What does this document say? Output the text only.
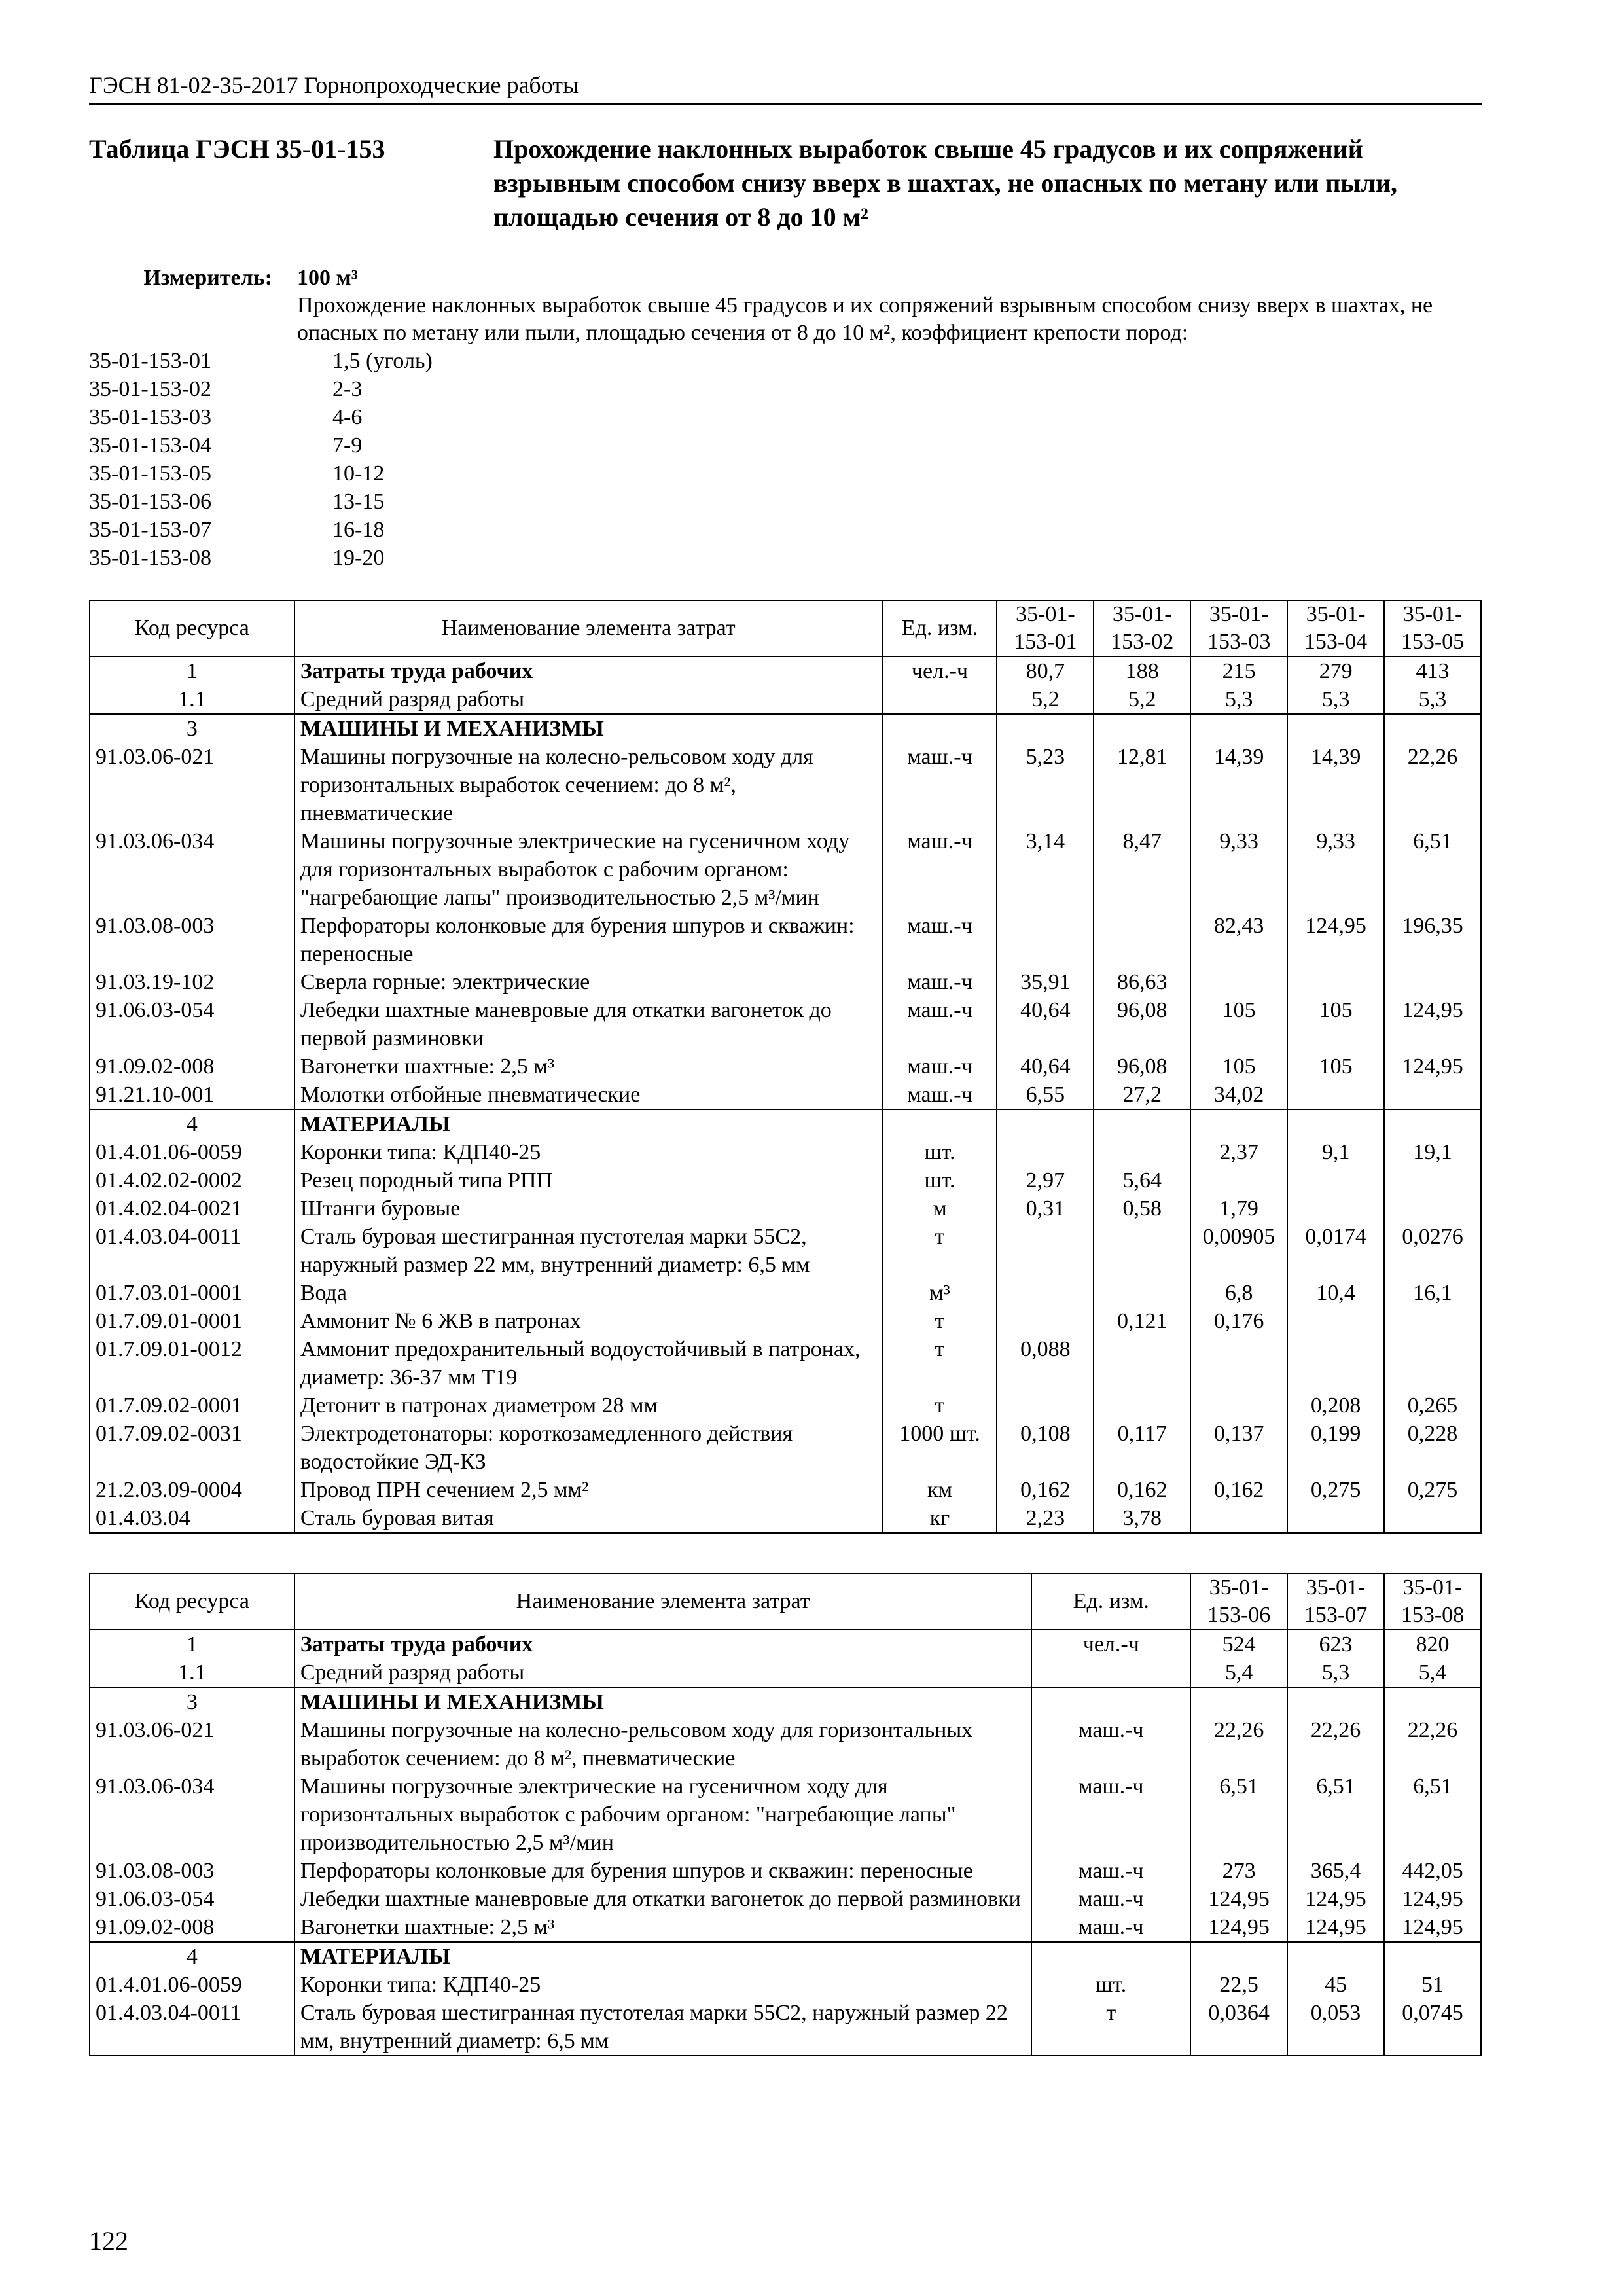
ГЭСН 81-02-35-2017 Горнопроходческие работы
Таблица ГЭСН 35-01-153	Прохождение наклонных выработок свыше 45 градусов и их сопряжений взрывным способом снизу вверх в шахтах, не опасных по метану или пыли, площадью сечения от 8 до 10 м²
Измеритель:	100 м³
Прохождение наклонных выработок свыше 45 градусов и их сопряжений взрывным способом снизу вверх в шахтах, не опасных по метану или пыли, площадью сечения от 8 до 10 м², коэффициент крепости пород:
35-01-153-01	1,5 (уголь)
35-01-153-02	2-3
35-01-153-03	4-6
35-01-153-04	7-9
35-01-153-05	10-12
35-01-153-06	13-15
35-01-153-07	16-18
35-01-153-08	19-20
Код ресурса	Наименование элемента затрат	Ед. изм.	35-01-153-01	35-01-153-02	35-01-153-03	35-01-153-04	35-01-153-05
1	Затраты труда рабочих	чел.-ч	80,7	188	215	279	413
1.1	Средний разряд работы		5,2	5,2	5,3	5,3	5,3
3	МАШИНЫ И МЕХАНИЗМЫ						
91.03.06-021	Машины погрузочные на колесно-рельсовом ходу для горизонтальных выработок сечением: до 8 м², пневматические	маш.-ч	5,23	12,81	14,39	14,39	22,26
91.03.06-034	Машины погрузочные электрические на гусеничном ходу для горизонтальных выработок с рабочим органом: "нагребающие лапы" производительностью 2,5 м³/мин	маш.-ч	3,14	8,47	9,33	9,33	6,51
91.03.08-003	Перфораторы колонковые для бурения шпуров и скважин: переносные	маш.-ч			82,43	124,95	196,35
91.03.19-102	Сверла горные: электрические	маш.-ч	35,91	86,63			
91.06.03-054	Лебедки шахтные маневровые для откатки вагонеток до первой разминовки	маш.-ч	40,64	96,08	105	105	124,95
91.09.02-008	Вагонетки шахтные: 2,5 м³	маш.-ч	40,64	96,08	105	105	124,95
91.21.10-001	Молотки отбойные пневматические	маш.-ч	6,55	27,2	34,02		
4	МАТЕРИАЛЫ						
01.4.01.06-0059	Коронки типа: КДП40-25	шт.			2,37	9,1	19,1
01.4.02.02-0002	Резец породный типа РПП	шт.	2,97	5,64			
01.4.02.04-0021	Штанги буровые	м	0,31	0,58	1,79		
01.4.03.04-0011	Сталь буровая шестигранная пустотелая марки 55С2, наружный размер 22 мм, внутренний диаметр: 6,5 мм	т			0,00905	0,0174	0,0276
01.7.03.01-0001	Вода	м³			6,8	10,4	16,1
01.7.09.01-0001	Аммонит № 6 ЖВ в патронах	т		0,121	0,176		
01.7.09.01-0012	Аммонит предохранительный водоустойчивый в патронах, диаметр: 36-37 мм Т19	т	0,088				
01.7.09.02-0001	Детонит в патронах диаметром 28 мм	т				0,208	0,265
01.7.09.02-0031	Электродетонаторы: короткозамедленного действия водостойкие ЭД-КЗ	1000 шт.	0,108	0,117	0,137	0,199	0,228
21.2.03.09-0004	Провод ПРН сечением 2,5 мм²	км	0,162	0,162	0,162	0,275	0,275
01.4.03.04	Сталь буровая витая	кг	2,23	3,78			
Код ресурса	Наименование элемента затрат	Ед. изм.	35-01-153-06	35-01-153-07	35-01-153-08
1	Затраты труда рабочих	чел.-ч	524	623	820
1.1	Средний разряд работы		5,4	5,3	5,4
3	МАШИНЫ И МЕХАНИЗМЫ				
91.03.06-021	Машины погрузочные на колесно-рельсовом ходу для горизонтальных выработок сечением: до 8 м², пневматические	маш.-ч	22,26	22,26	22,26
91.03.06-034	Машины погрузочные электрические на гусеничном ходу для горизонтальных выработок с рабочим органом: "нагребающие лапы" производительностью 2,5 м³/мин	маш.-ч	6,51	6,51	6,51
91.03.08-003	Перфораторы колонковые для бурения шпуров и скважин: переносные	маш.-ч	273	365,4	442,05
91.06.03-054	Лебедки шахтные маневровые для откатки вагонеток до первой разминовки	маш.-ч	124,95	124,95	124,95
91.09.02-008	Вагонетки шахтные: 2,5 м³	маш.-ч	124,95	124,95	124,95
4	МАТЕРИАЛЫ				
01.4.01.06-0059	Коронки типа: КДП40-25	шт.	22,5	45	51
01.4.03.04-0011	Сталь буровая шестигранная пустотелая марки 55С2, наружный размер 22 мм, внутренний диаметр: 6,5 мм	т	0,0364	0,053	0,0745
122
